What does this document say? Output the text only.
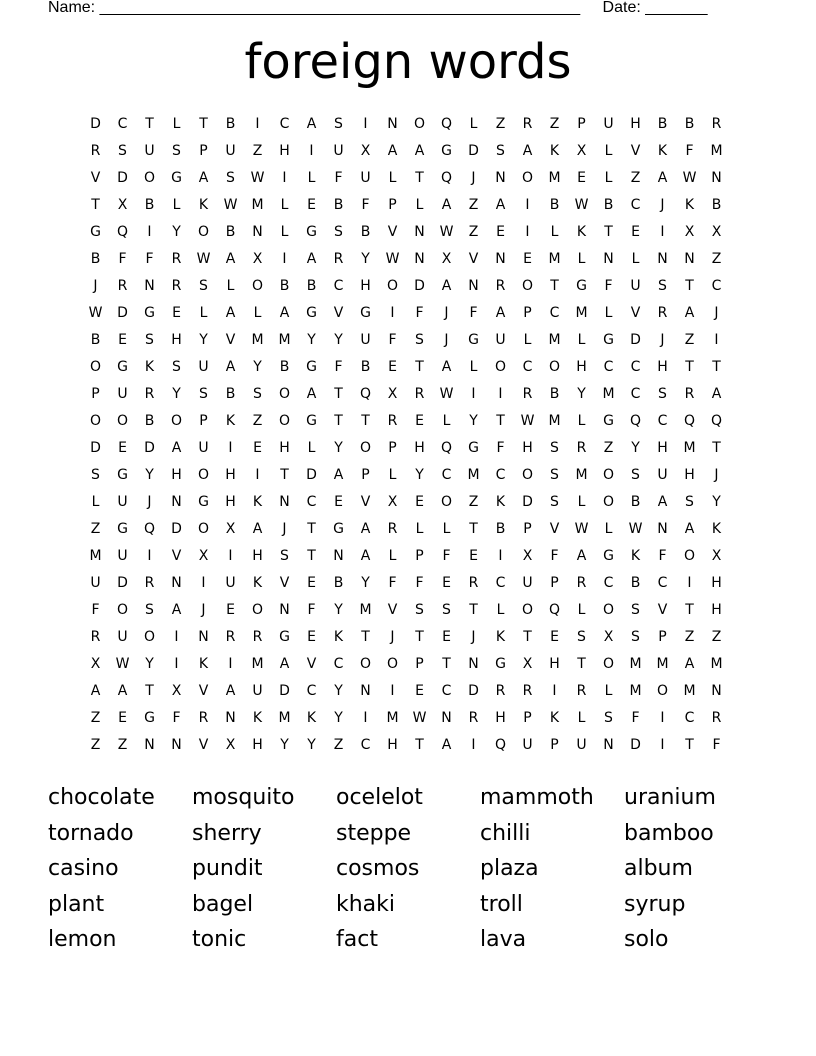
Name: ______________________________________________________ Date: _______
foreign words
D	C	T	L	T	B	I	C	A	S	I	N	O	Q	L	Z	R	Z	P	U	H	B	B	R
R	S	U	S	P	U	Z	H	I	U	X	A	A	G	D	S	A	K	X	L	V	K	F	M
V	D	O	G	A	S	W	I	L	F	U	L	T	Q	J	N	O	M	E	L	Z	A	W	N
T	X	B	L	K	W	M	L	E	B	F	P	L	A	Z	A	I	B	W	B	C	J	K	B
G	Q	I	Y	O	B	N	L	G	S	B	V	N	W	Z	E	I	L	K	T	E	I	X	X
B	F	F	R	W	A	X	I	A	R	Y	W	N	X	V	N	E	M	L	N	L	N	N	Z
J	R	N	R	S	L	O	B	B	C	H	O	D	A	N	R	O	T	G	F	U	S	T	C
W	D	G	E	L	A	L	A	G	V	G	I	F	J	F	A	P	C	M	L	V	R	A	J
B	E	S	H	Y	V	M	M	Y	Y	U	F	S	J	G	U	L	M	L	G	D	J	Z	I
O	G	K	S	U	A	Y	B	G	F	B	E	T	A	L	O	C	O	H	C	C	H	T	T
P	U	R	Y	S	B	S	O	A	T	Q	X	R	W	I	I	R	B	Y	M	C	S	R	A
O	O	B	O	P	K	Z	O	G	T	T	R	E	L	Y	T	W	M	L	G	Q	C	Q	Q
D	E	D	A	U	I	E	H	L	Y	O	P	H	Q	G	F	H	S	R	Z	Y	H	M	T
S	G	Y	H	O	H	I	T	D	A	P	L	Y	C	M	C	O	S	M	O	S	U	H	J
L	U	J	N	G	H	K	N	C	E	V	X	E	O	Z	K	D	S	L	O	B	A	S	Y
Z	G	Q	D	O	X	A	J	T	G	A	R	L	L	T	B	P	V	W	L	W	N	A	K
M	U	I	V	X	I	H	S	T	N	A	L	P	F	E	I	X	F	A	G	K	F	O	X
U	D	R	N	I	U	K	V	E	B	Y	F	F	E	R	C	U	P	R	C	B	C	I	H
F	O	S	A	J	E	O	N	F	Y	M	V	S	S	T	L	O	Q	L	O	S	V	T	H
R	U	O	I	N	R	R	G	E	K	T	J	T	E	J	K	T	E	S	X	S	P	Z	Z
X	W	Y	I	K	I	M	A	V	C	O	O	P	T	N	G	X	H	T	O	M	M	A	M
A	A	T	X	V	A	U	D	C	Y	N	I	E	C	D	R	R	I	R	L	M	O	M	N
Z	E	G	F	R	N	K	M	K	Y	I	M	W	N	R	H	P	K	L	S	F	I	C	R
Z	Z	N	N	V	X	H	Y	Y	Z	C	H	T	A	I	Q	U	P	U	N	D	I	T	F
chocolate	mosquito	ocelelot	mammoth	uranium
tornado	sherry	steppe	chilli	bamboo
casino	pundit	cosmos	plaza	album
plant	bagel	khaki	troll	syrup
lemon	tonic	fact	lava	solo
